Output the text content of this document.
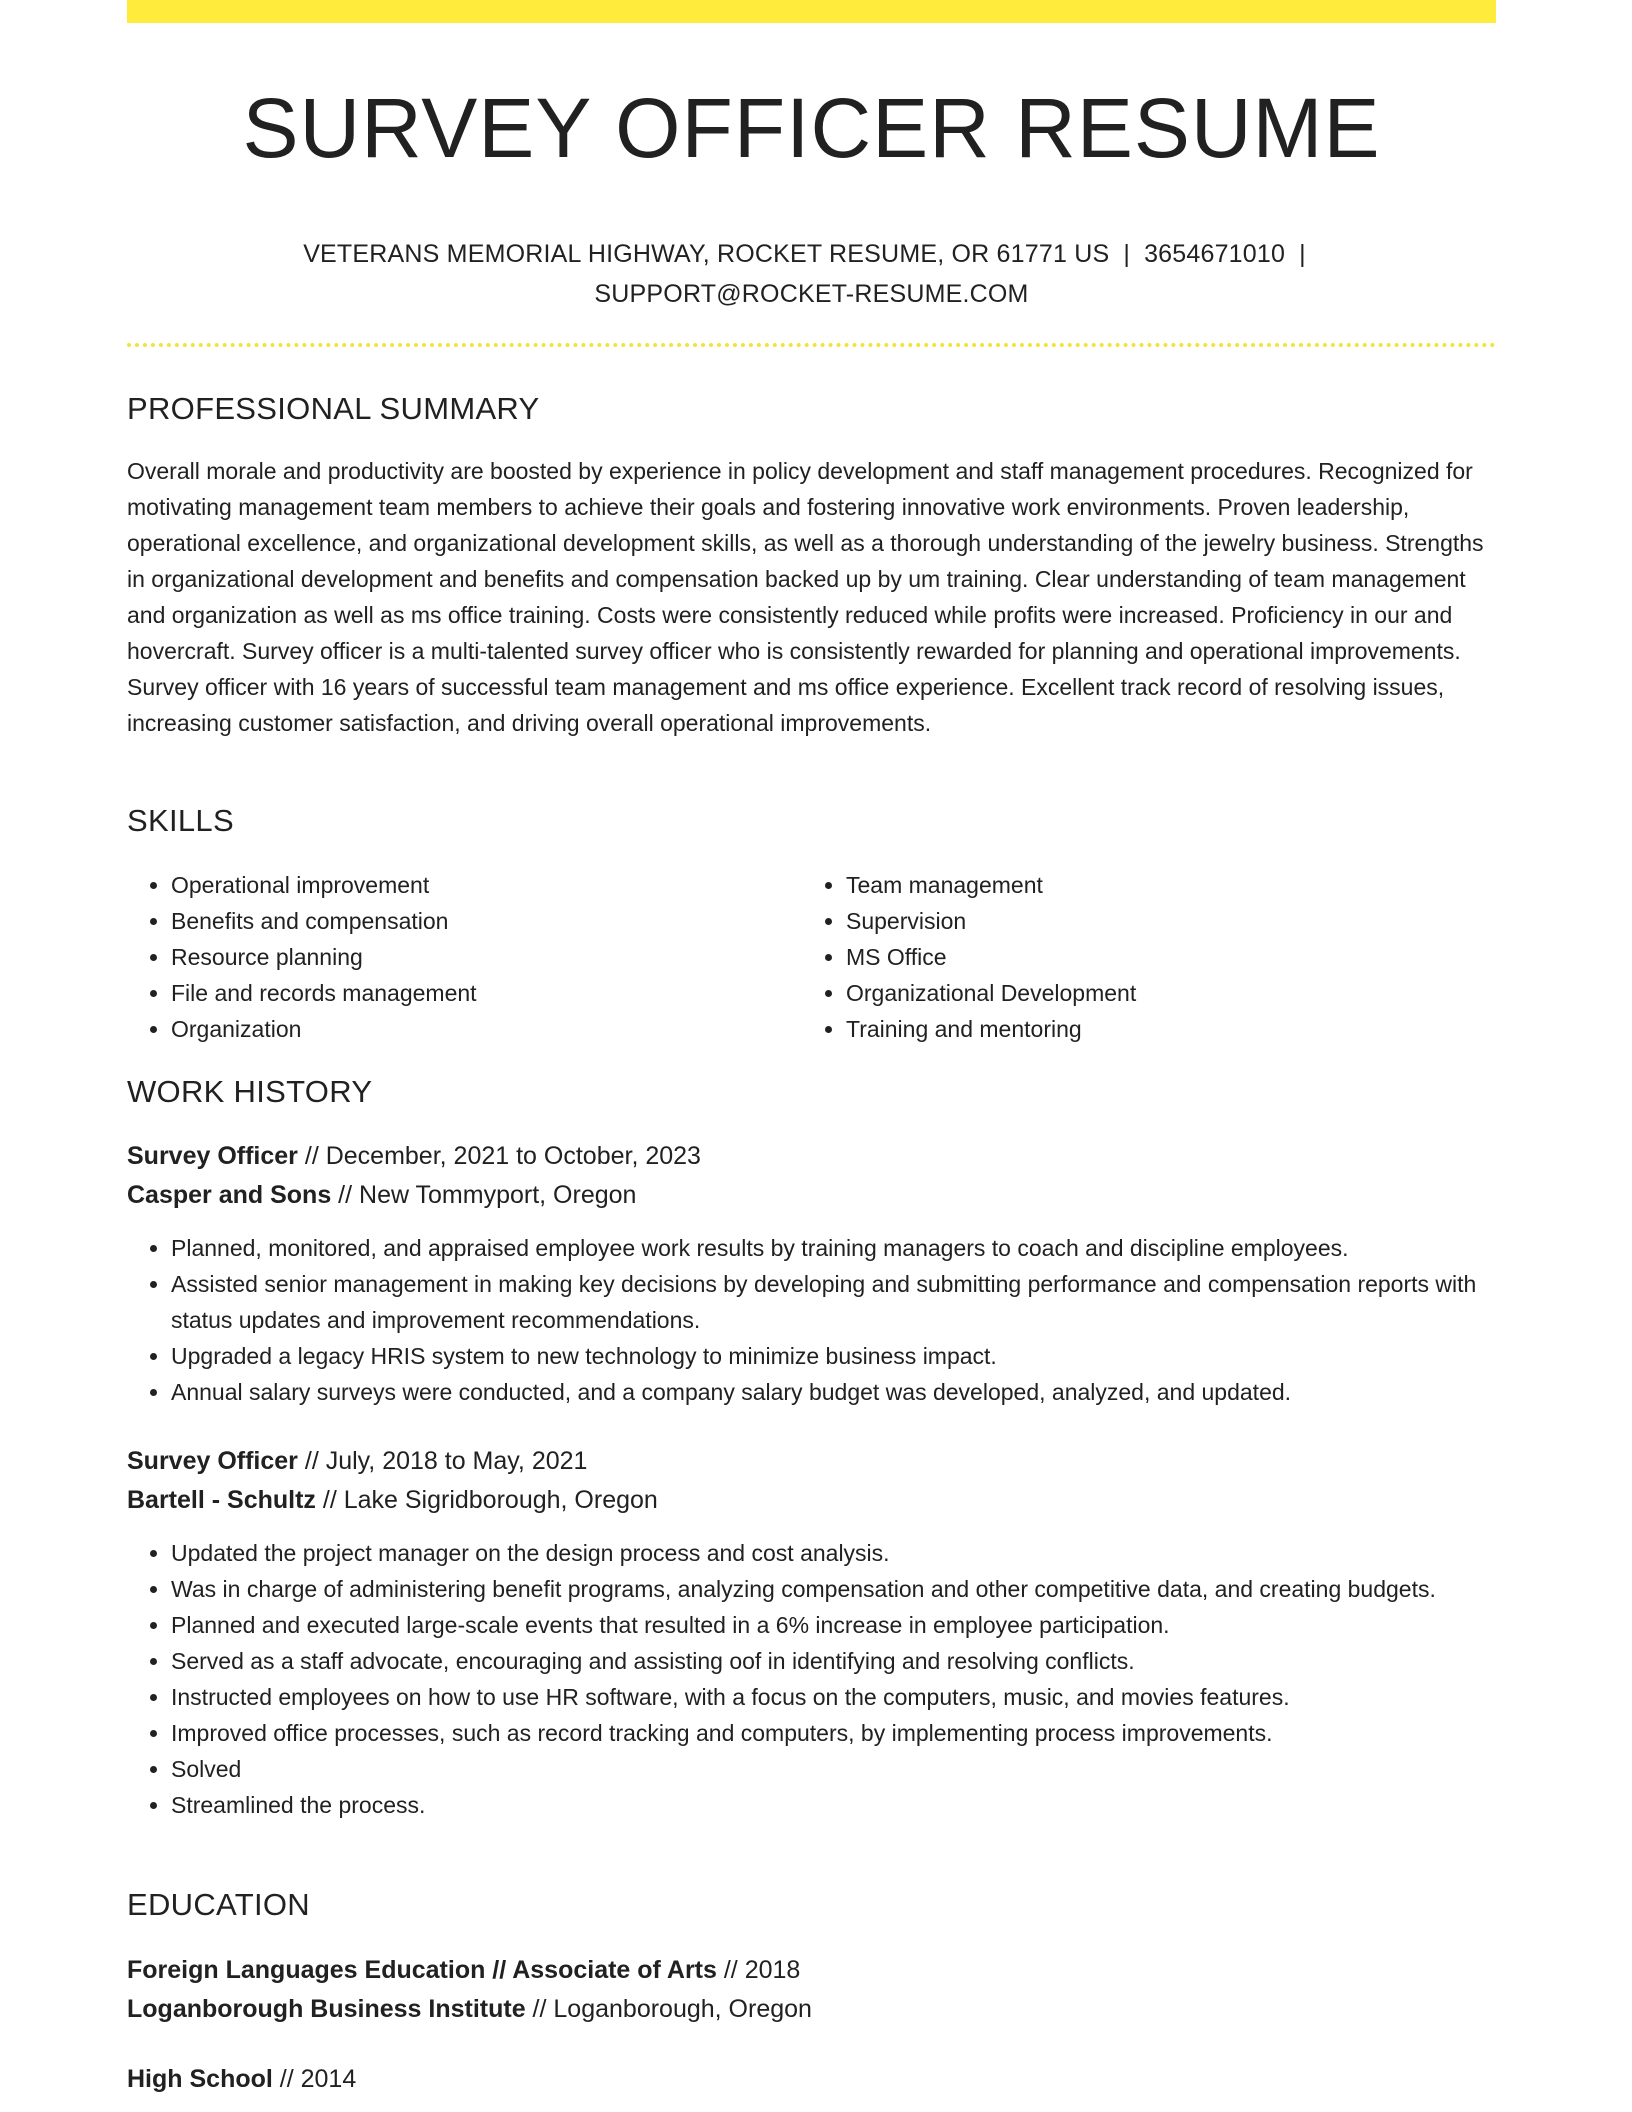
SURVEY OFFICER RESUME
VETERANS MEMORIAL HIGHWAY, ROCKET RESUME, OR 61771 US | 3654671010 |
SUPPORT@ROCKET-RESUME.COM
PROFESSIONAL SUMMARY

Overall morale and productivity are boosted by experience in policy development and staff management procedures. Recognized for motivating management team members to achieve their goals and fostering innovative work environments. Proven leadership, operational excellence, and organizational development skills, as well as a thorough understanding of the jewelry business. Strengths in organizational development and benefits and compensation backed up by um training. Clear understanding of team management and organization as well as ms office training. Costs were consistently reduced while profits were increased. Proficiency in our and hovercraft. Survey officer is a multi-talented survey officer who is consistently rewarded for planning and operational improvements. Survey officer with 16 years of successful team management and ms office experience. Excellent track record of resolving issues, increasing customer satisfaction, and driving overall operational improvements.

SKILLS
• Operational improvement
• Benefits and compensation
• Resource planning
• File and records management
• Organization
• Team management
• Supervision
• MS Office
• Organizational Development
• Training and mentoring
WORK HISTORY
Survey Officer // December, 2021 to October, 2023
Casper and Sons // New Tommyport, Oregon
• Planned, monitored, and appraised employee work results by training managers to coach and discipline employees.
• Assisted senior management in making key decisions by developing and submitting performance and compensation reports with status updates and improvement recommendations.
• Upgraded a legacy HRIS system to new technology to minimize business impact.
• Annual salary surveys were conducted, and a company salary budget was developed, analyzed, and updated.
Survey Officer // July, 2018 to May, 2021
Bartell - Schultz // Lake Sigridborough, Oregon
• Updated the project manager on the design process and cost analysis.
• Was in charge of administering benefit programs, analyzing compensation and other competitive data, and creating budgets.
• Planned and executed large-scale events that resulted in a 6% increase in employee participation.
• Served as a staff advocate, encouraging and assisting oof in identifying and resolving conflicts.
• Instructed employees on how to use HR software, with a focus on the computers, music, and movies features.
• Improved office processes, such as record tracking and computers, by implementing process improvements.
• Solved
• Streamlined the process.
EDUCATION
Foreign Languages Education // Associate of Arts // 2018
Loganborough Business Institute // Loganborough, Oregon
High School // 2014
